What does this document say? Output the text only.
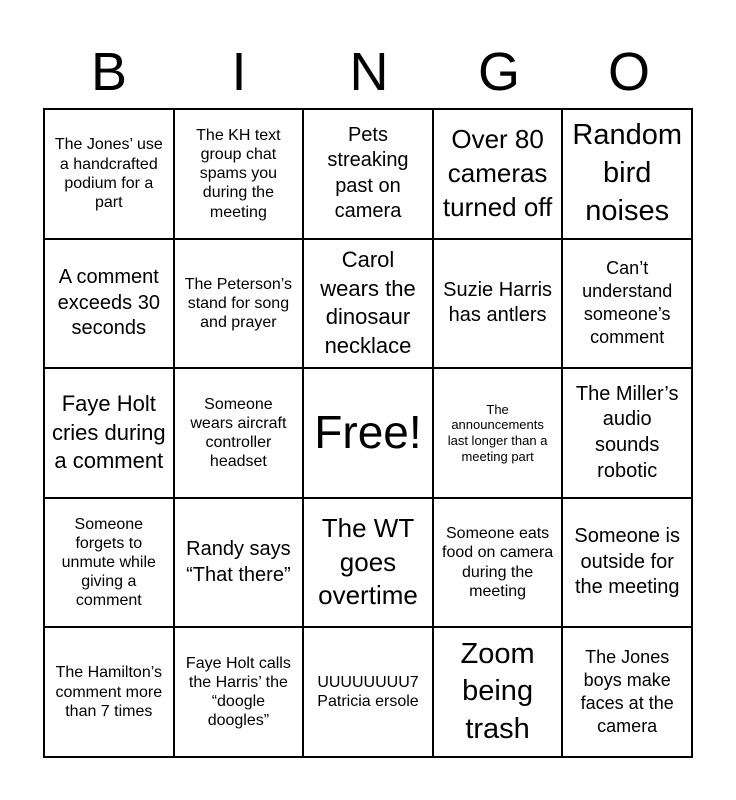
B	I	N	G	O
The Jones’ use a handcrafted podium for a part
The KH text group chat spams you during the meeting
Pets streaking past on camera
Over 80 cameras turned off
Random bird noises
A comment exceeds 30 seconds
The Peterson’s stand for song and prayer
Carol wears the dinosaur necklace
Suzie Harris has antlers
Can’t understand someone’s comment
Faye Holt cries during a comment
Someone wears aircraft controller headset
Free!	The announcements last longer than a meeting part
The Miller’s audio sounds robotic
Someone forgets to unmute while giving a comment
Randy says “That there”
The WT goes overtime
Someone eats food on camera during the meeting
Someone is outside for the meeting
The Hamilton’s comment more than 7 times
Faye Holt calls the Harris’ the “doogle doogles”
UUUUUUUU7 Patricia ersole
Zoom being trash
The Jones boys make faces at the camera
